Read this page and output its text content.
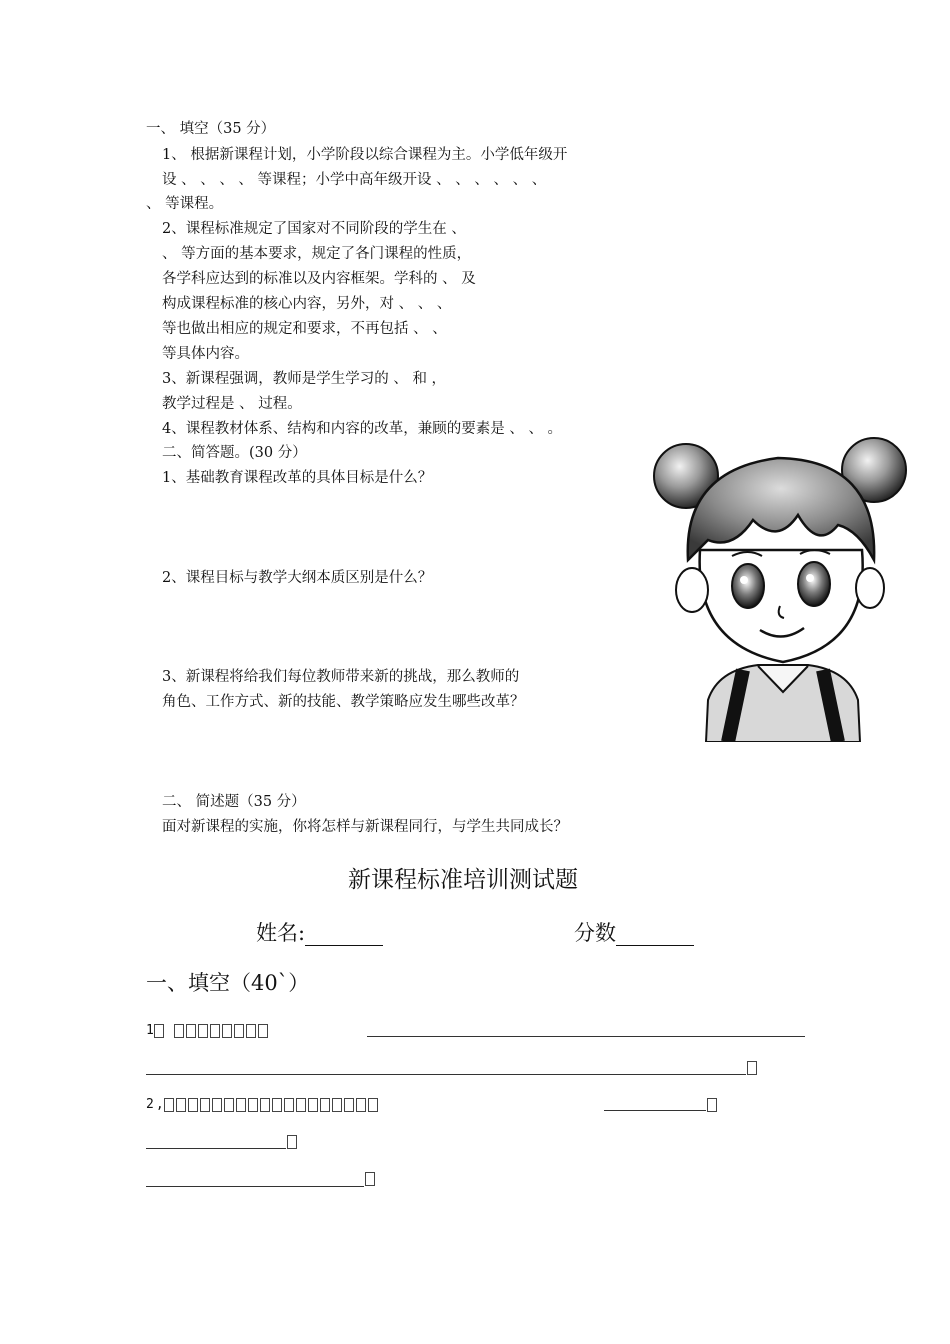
一、 填空（35 分）
1、 根据新课程计划，小学阶段以综合课程为主。小学低年级开
设 、 、 、 、 等课程；小学中高年级开设 、 、 、 、 、 、
、 等课程。
2、课程标准规定了国家对不同阶段的学生在 、
、 等方面的基本要求，规定了各门课程的性质，
各学科应达到的标准以及内容框架。学科的 、 及
构成课程标准的核心内容，另外，对 、 、 、
等也做出相应的规定和要求，不再包括 、 、
等具体内容。
3、新课程强调，教师是学生学习的 、 和 ，
教学过程是 、 过程。
4、课程教材体系、结构和内容的改革，兼顾的要素是 、 、 。
二、简答题。(30 分）
1、基础教育课程改革的具体目标是什么？
2、课程目标与教学大纲本质区别是什么？
3、新课程将给我们每位教师带来新的挑战，那么教师的
角色、工作方式、新的技能、教学策略应发生哪些改革？
二、 简述题（35 分）
面对新课程的实施，你将怎样与新课程同行，与学生共同成长？
新课程标准培训测试题
姓名:	分数
一、填空（40`）
1
2,
